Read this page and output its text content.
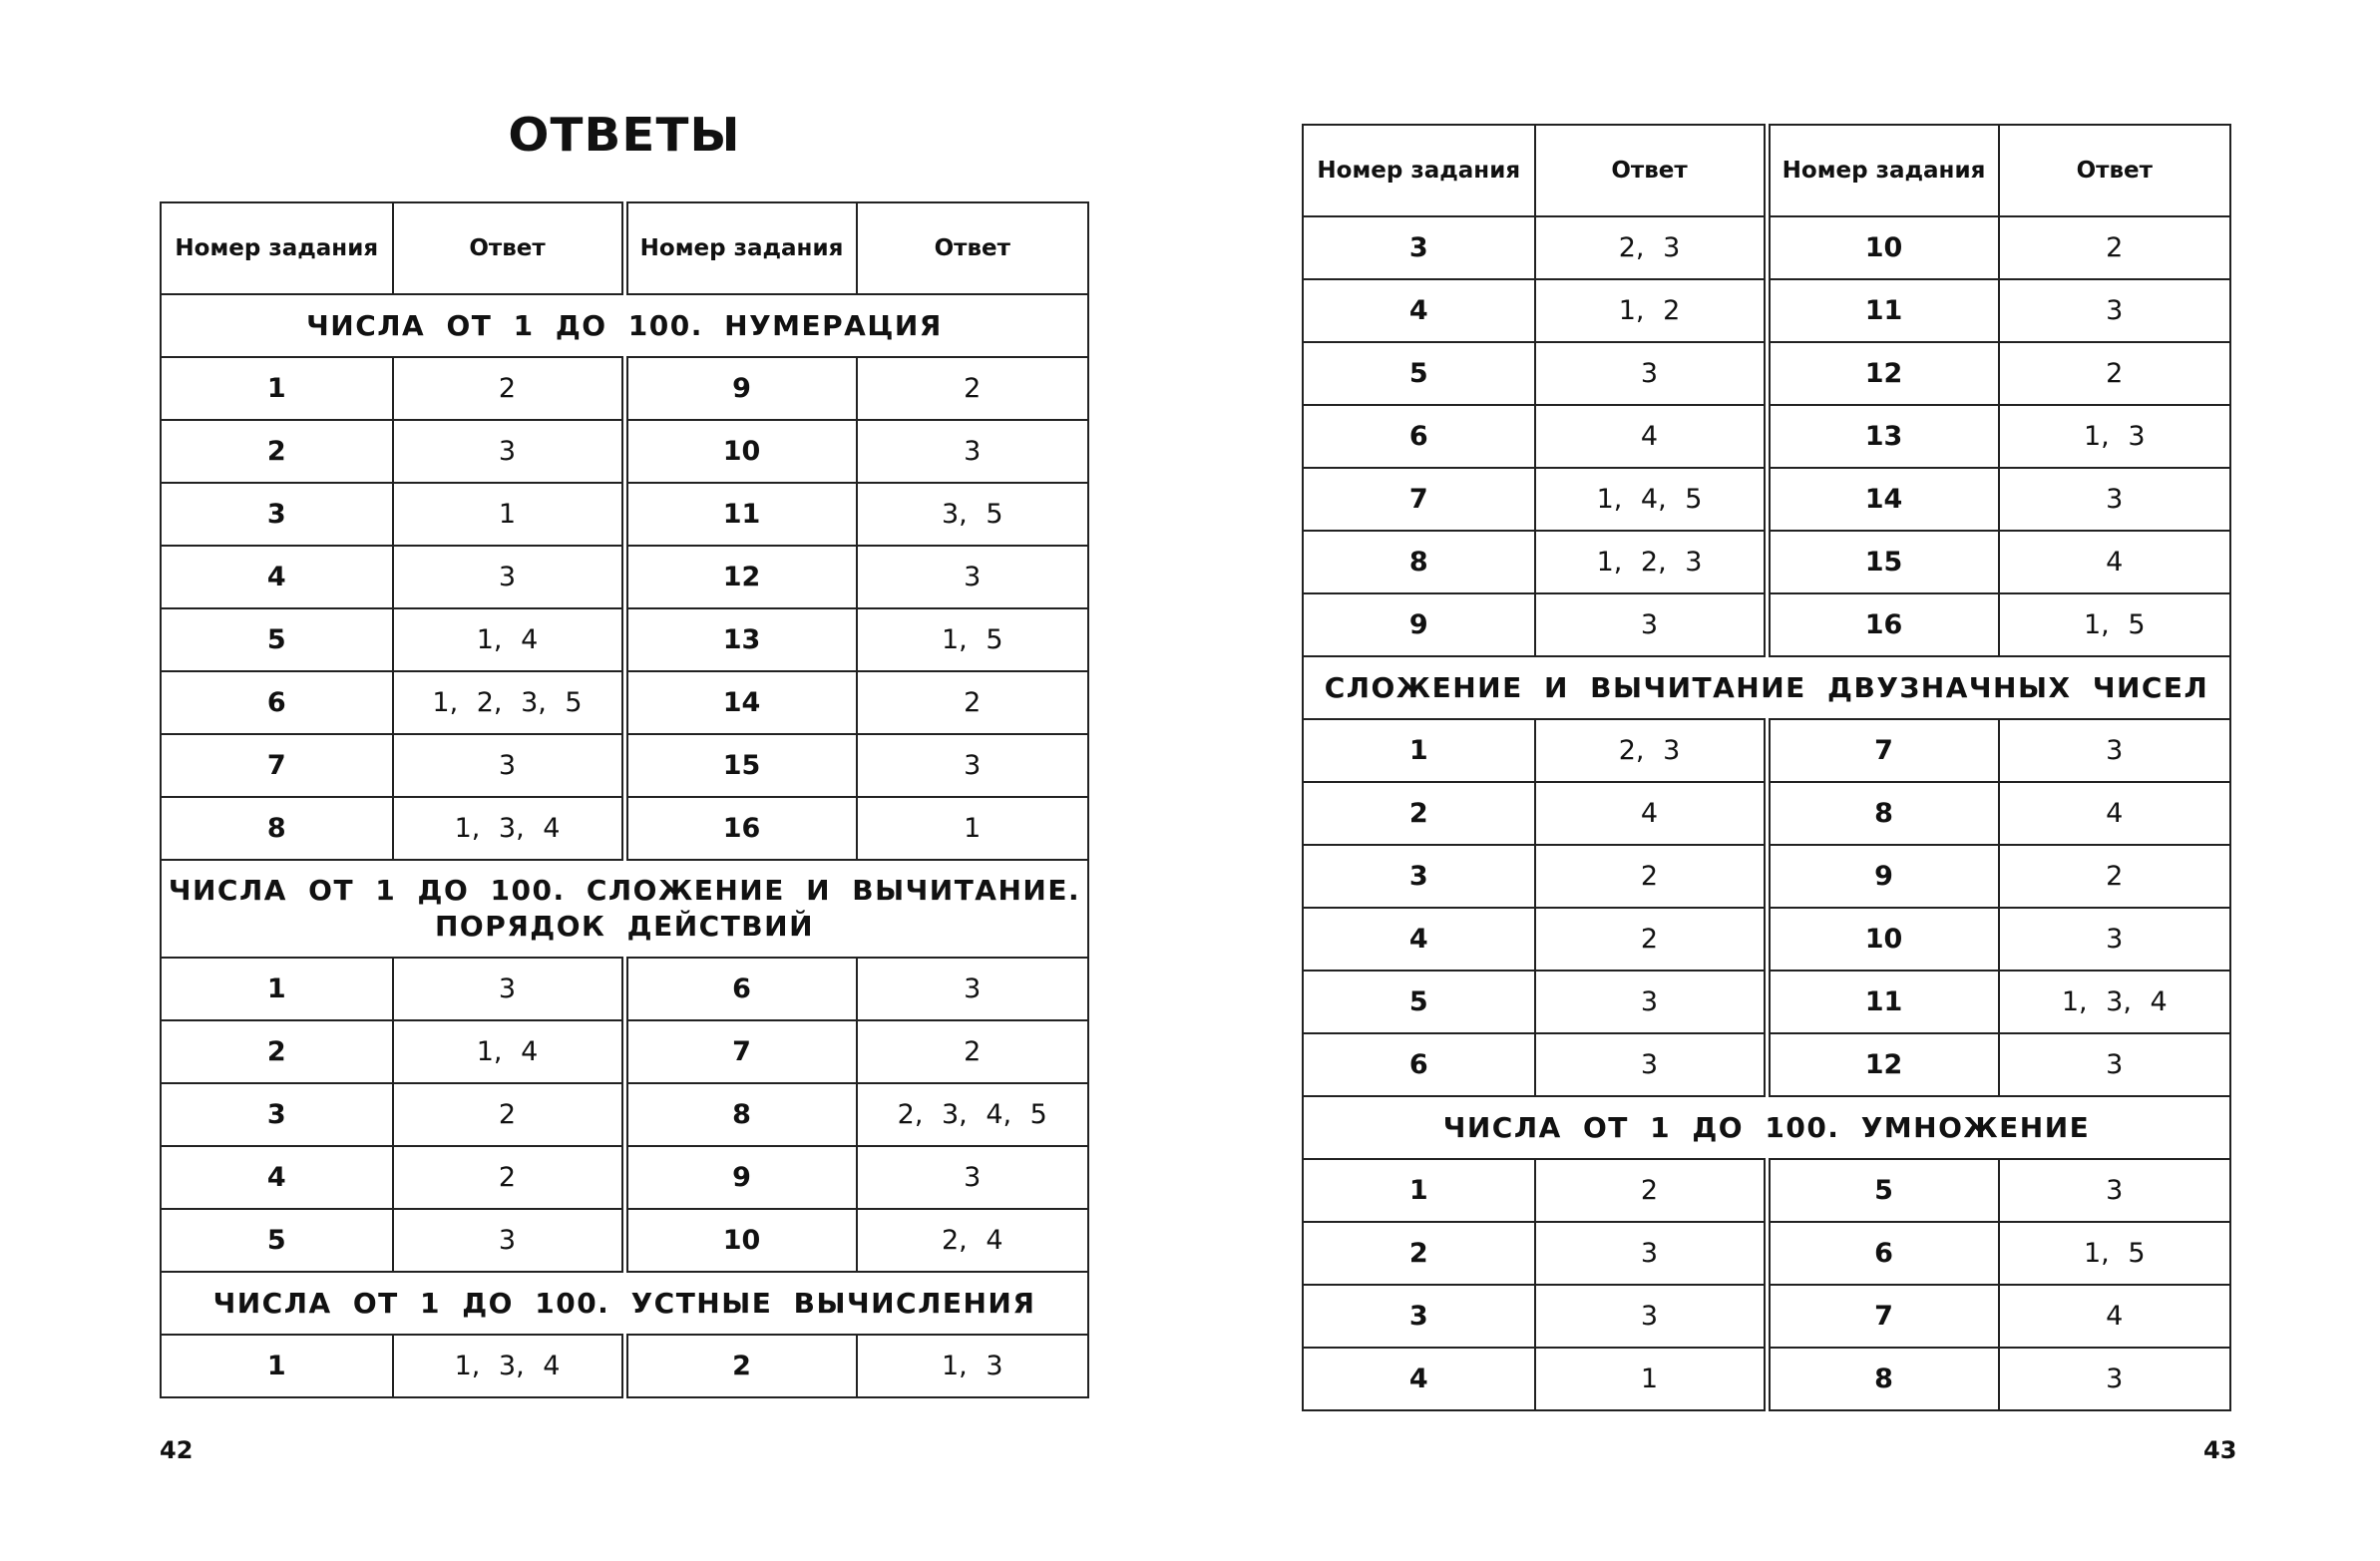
ОТВЕТЫ
Номер задания	Ответ	Номер задания	Ответ
ЧИСЛА ОТ 1 ДО 100. НУМЕРАЦИЯ			
1	2	9	2
2	3	10	3
3	1	11	3, 5
4	3	12	3
5	1, 4	13	1, 5
6	1, 2, 3, 5	14	2
7	3	15	3
8	1, 3, 4	16	1
ЧИСЛА ОТ 1 ДО 100. СЛОЖЕНИЕ И ВЫЧИТАНИЕ. ПОРЯДОК ДЕЙСТВИЙ			
1	3	6	3
2	1, 4	7	2
3	2	8	2, 3, 4, 5
4	2	9	3
5	3	10	2, 4
ЧИСЛА ОТ 1 ДО 100. УСТНЫЕ ВЫЧИСЛЕНИЯ			
1	1, 3, 4	2	1, 3
42
Номер задания	Ответ	Номер задания	Ответ
3	2, 3	10	2
4	1, 2	11	3
5	3	12	2
6	4	13	1, 3
7	1, 4, 5	14	3
8	1, 2, 3	15	4
9	3	16	1, 5
СЛОЖЕНИЕ И ВЫЧИТАНИЕ ДВУЗНАЧНЫХ ЧИСЕЛ			
1	2, 3	7	3
2	4	8	4
3	2	9	2
4	2	10	3
5	3	11	1, 3, 4
6	3	12	3
ЧИСЛА ОТ 1 ДО 100. УМНОЖЕНИЕ			
1	2	5	3
2	3	6	1, 5
3	3	7	4
4	1	8	3
43
